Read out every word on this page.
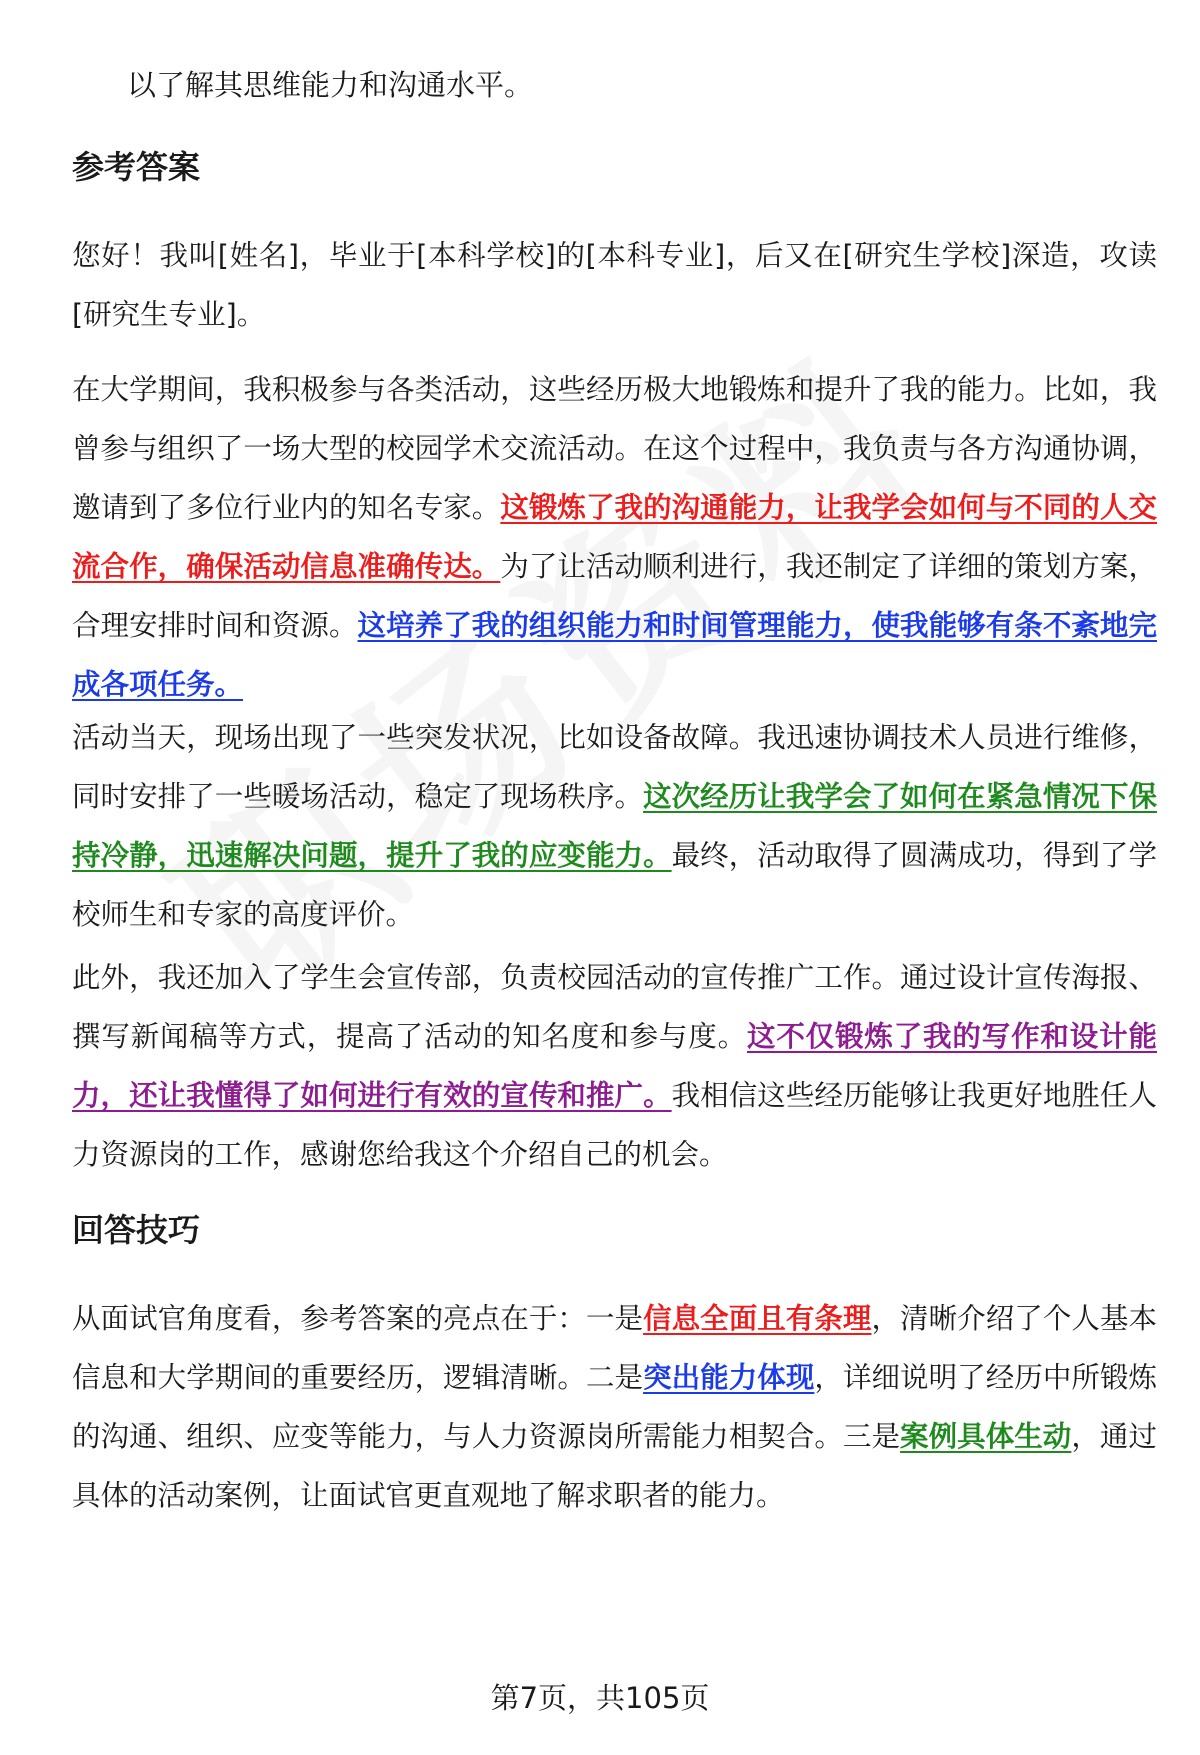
以了解其思维能力和沟通水平。

参考答案

您好！我叫[姓名]，毕业于[本科学校]的[本科专业]，后又在[研究生学校]深造，攻读[研究生专业]。

在大学期间，我积极参与各类活动，这些经历极大地锻炼和提升了我的能力。比如，我曾参与组织了一场大型的校园学术交流活动。在这个过程中，我负责与各方沟通协调，邀请到了多位行业内的知名专家。这锻炼了我的沟通能力，让我学会如何与不同的人交流合作，确保活动信息准确传达。为了让活动顺利进行，我还制定了详细的策划方案，合理安排时间和资源。这培养了我的组织能力和时间管理能力，使我能够有条不紊地完成各项任务。

活动当天，现场出现了一些突发状况，比如设备故障。我迅速协调技术人员进行维修，同时安排了一些暖场活动，稳定了现场秩序。这次经历让我学会了如何在紧急情况下保持冷静，迅速解决问题，提升了我的应变能力。最终，活动取得了圆满成功，得到了学校师生和专家的高度评价。

此外，我还加入了学生会宣传部，负责校园活动的宣传推广工作。通过设计宣传海报、撰写新闻稿等方式，提高了活动的知名度和参与度。这不仅锻炼了我的写作和设计能力，还让我懂得了如何进行有效的宣传和推广。我相信这些经历能够让我更好地胜任人力资源岗的工作，感谢您给我这个介绍自己的机会。

回答技巧

从面试官角度看，参考答案的亮点在于：一是信息全面且有条理，清晰介绍了个人基本信息和大学期间的重要经历，逻辑清晰。二是突出能力体现，详细说明了经历中所锻炼的沟通、组织、应变等能力，与人力资源岗所需能力相契合。三是案例具体生动，通过具体的活动案例，让面试官更直观地了解求职者的能力。

第7页，共105页
